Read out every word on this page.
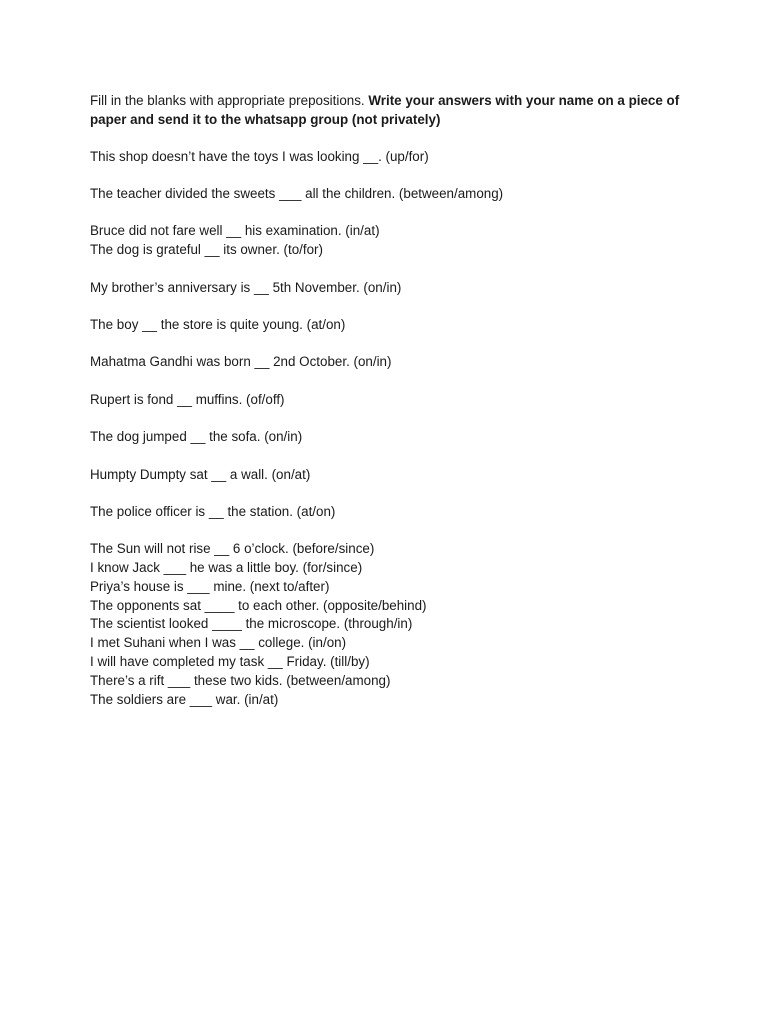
Fill in the blanks with appropriate prepositions. Write your answers with your name on a piece of paper and send it to the whatsapp group (not privately)

This shop doesn’t have the toys I was looking __. (up/for)
The teacher divided the sweets ___ all the children. (between/among)
Bruce did not fare well __ his examination. (in/at)
The dog is grateful __ its owner. (to/for)
My brother’s anniversary is __ 5th November. (on/in)
The boy __ the store is quite young. (at/on)
Mahatma Gandhi was born __ 2nd October. (on/in)
Rupert is fond __ muffins. (of/off)
The dog jumped __ the sofa. (on/in)
Humpty Dumpty sat __ a wall. (on/at)
The police officer is __ the station. (at/on)
The Sun will not rise __ 6 o’clock. (before/since)
I know Jack ___ he was a little boy. (for/since)
Priya’s house is ___ mine. (next to/after)
The opponents sat ____ to each other. (opposite/behind)
The scientist looked ____ the microscope. (through/in)
I met Suhani when I was __ college. (in/on)
I will have completed my task __ Friday. (till/by)
There’s a rift ___ these two kids. (between/among)
The soldiers are ___ war. (in/at)
